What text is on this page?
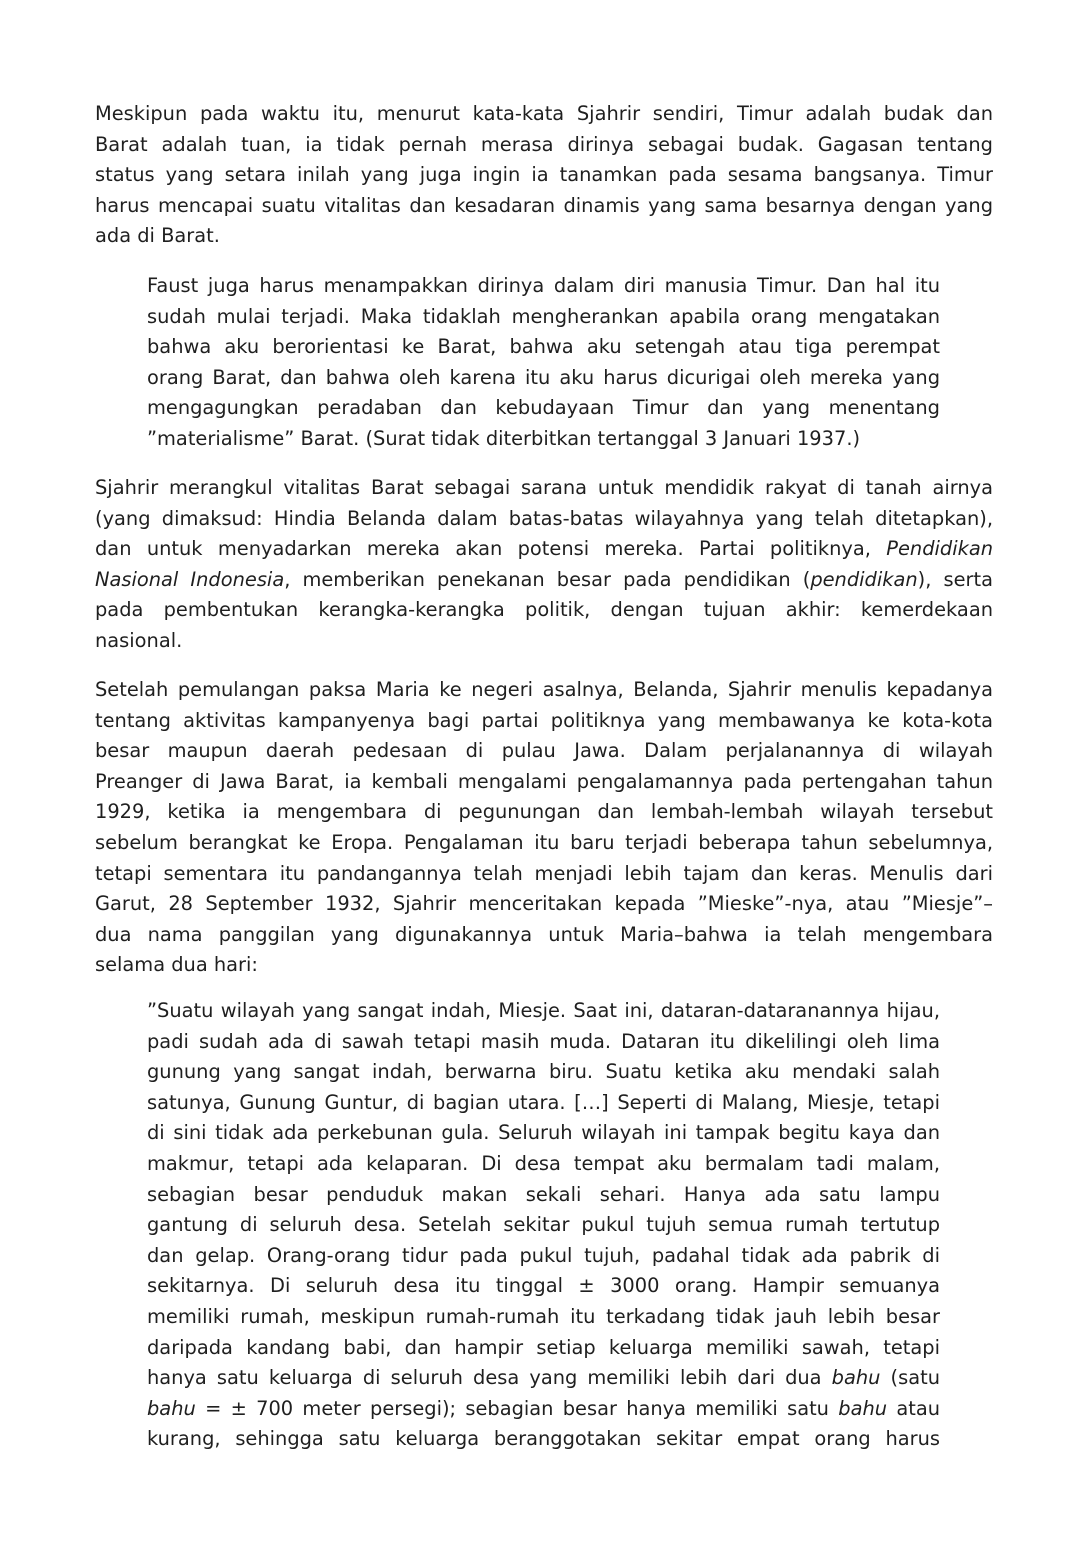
Meskipun pada waktu itu, menurut kata-kata Sjahrir sendiri, Timur adalah budak dan
Barat adalah tuan, ia tidak pernah merasa dirinya sebagai budak. Gagasan tentang
status yang setara inilah yang juga ingin ia tanamkan pada sesama bangsanya. Timur
harus mencapai suatu vitalitas dan kesadaran dinamis yang sama besarnya dengan yang
ada di Barat.
Faust juga harus menampakkan dirinya dalam diri manusia Timur. Dan hal itu
sudah mulai terjadi. Maka tidaklah mengherankan apabila orang mengatakan
bahwa aku berorientasi ke Barat, bahwa aku setengah atau tiga perempat
orang Barat, dan bahwa oleh karena itu aku harus dicurigai oleh mereka yang
mengagungkan peradaban dan kebudayaan Timur dan yang menentang
”materialisme” Barat. (Surat tidak diterbitkan tertanggal 3 Januari 1937.)
Sjahrir merangkul vitalitas Barat sebagai sarana untuk mendidik rakyat di tanah airnya
(yang dimaksud: Hindia Belanda dalam batas-batas wilayahnya yang telah ditetapkan),
dan untuk menyadarkan mereka akan potensi mereka. Partai politiknya, Pendidikan
Nasional Indonesia, memberikan penekanan besar pada pendidikan (pendidikan), serta
pada pembentukan kerangka-kerangka politik, dengan tujuan akhir: kemerdekaan
nasional.
Setelah pemulangan paksa Maria ke negeri asalnya, Belanda, Sjahrir menulis kepadanya
tentang aktivitas kampanyenya bagi partai politiknya yang membawanya ke kota-kota
besar maupun daerah pedesaan di pulau Jawa. Dalam perjalanannya di wilayah
Preanger di Jawa Barat, ia kembali mengalami pengalamannya pada pertengahan tahun
1929, ketika ia mengembara di pegunungan dan lembah-lembah wilayah tersebut
sebelum berangkat ke Eropa. Pengalaman itu baru terjadi beberapa tahun sebelumnya,
tetapi sementara itu pandangannya telah menjadi lebih tajam dan keras. Menulis dari
Garut, 28 September 1932, Sjahrir menceritakan kepada ”Mieske”-nya, atau ”Miesje”–
dua nama panggilan yang digunakannya untuk Maria–bahwa ia telah mengembara
selama dua hari:
”Suatu wilayah yang sangat indah, Miesje. Saat ini, dataran-dataranannya hijau,
padi sudah ada di sawah tetapi masih muda. Dataran itu dikelilingi oleh lima
gunung yang sangat indah, berwarna biru. Suatu ketika aku mendaki salah
satunya, Gunung Guntur, di bagian utara. […] Seperti di Malang, Miesje, tetapi
di sini tidak ada perkebunan gula. Seluruh wilayah ini tampak begitu kaya dan
makmur, tetapi ada kelaparan. Di desa tempat aku bermalam tadi malam,
sebagian besar penduduk makan sekali sehari. Hanya ada satu lampu
gantung di seluruh desa. Setelah sekitar pukul tujuh semua rumah tertutup
dan gelap. Orang-orang tidur pada pukul tujuh, padahal tidak ada pabrik di
sekitarnya. Di seluruh desa itu tinggal ± 3000 orang. Hampir semuanya
memiliki rumah, meskipun rumah-rumah itu terkadang tidak jauh lebih besar
daripada kandang babi, dan hampir setiap keluarga memiliki sawah, tetapi
hanya satu keluarga di seluruh desa yang memiliki lebih dari dua bahu (satu
bahu = ± 700 meter persegi); sebagian besar hanya memiliki satu bahu atau
kurang, sehingga satu keluarga beranggotakan sekitar empat orang harus
